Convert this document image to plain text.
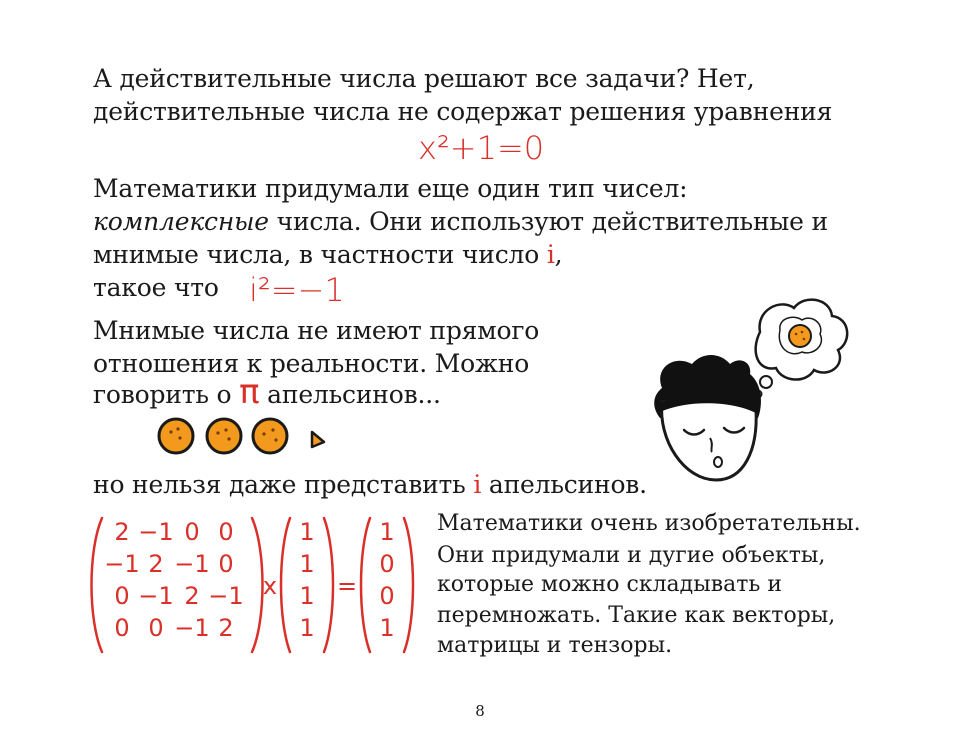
А действительные числа решают все задачи? Нет,
действительные числа не содержат решения уравнения
x²+1=0
Математики придумали еще один тип чисел:
комплексные числа. Они используют действительные и
мнимые числа, в частности число i,
такое что i²=−1
Мнимые числа не имеют прямого
отношения к реальности. Можно
говорить о π апельсинов...
но нельзя даже представить i апельсинов.
2 −1 0 0
−1 2 −1 0
0 −1 2 −1
0 0 −1 2
1
1
1
1
1
0
0
1
x =
Математики очень изобретательны.
Они придумали и дугие объекты,
которые можно складывать и
перемножать. Такие как векторы,
матрицы и тензоры.
8
